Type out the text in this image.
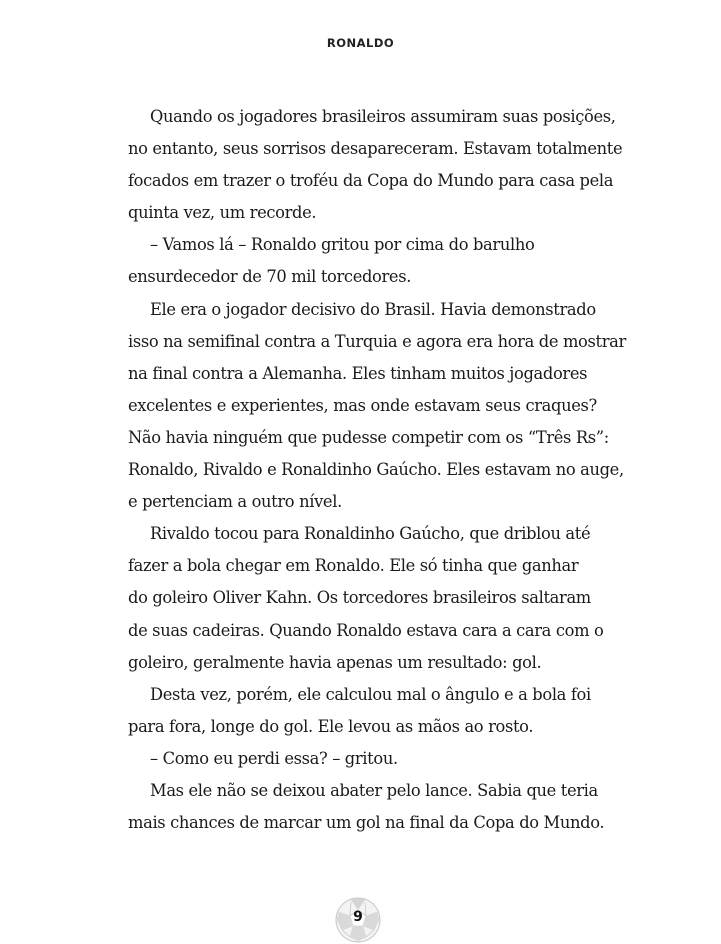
RONALDO
Quando os jogadores brasileiros assumiram suas posições,
no entanto, seus sorrisos desapareceram. Estavam totalmente
focados em trazer o troféu da Copa do Mundo para casa pela
quinta vez, um recorde.
– Vamos lá – Ronaldo gritou por cima do barulho
ensurdecedor de 70 mil torcedores.
Ele era o jogador decisivo do Brasil. Havia demonstrado
isso na semifinal contra a Turquia e agora era hora de mostrar
na final contra a Alemanha. Eles tinham muitos jogadores
excelentes e experientes, mas onde estavam seus craques?
Não havia ninguém que pudesse competir com os “Três Rs”:
Ronaldo, Rivaldo e Ronaldinho Gaúcho. Eles estavam no auge,
e pertenciam a outro nível.
Rivaldo tocou para Ronaldinho Gaúcho, que driblou até
fazer a bola chegar em Ronaldo. Ele só tinha que ganhar
do goleiro Oliver Kahn. Os torcedores brasileiros saltaram
de suas cadeiras. Quando Ronaldo estava cara a cara com o
goleiro, geralmente havia apenas um resultado: gol.
Desta vez, porém, ele calculou mal o ângulo e a bola foi
para fora, longe do gol. Ele levou as mãos ao rosto.
– Como eu perdi essa? – gritou.
Mas ele não se deixou abater pelo lance. Sabia que teria
mais chances de marcar um gol na final da Copa do Mundo.
9
